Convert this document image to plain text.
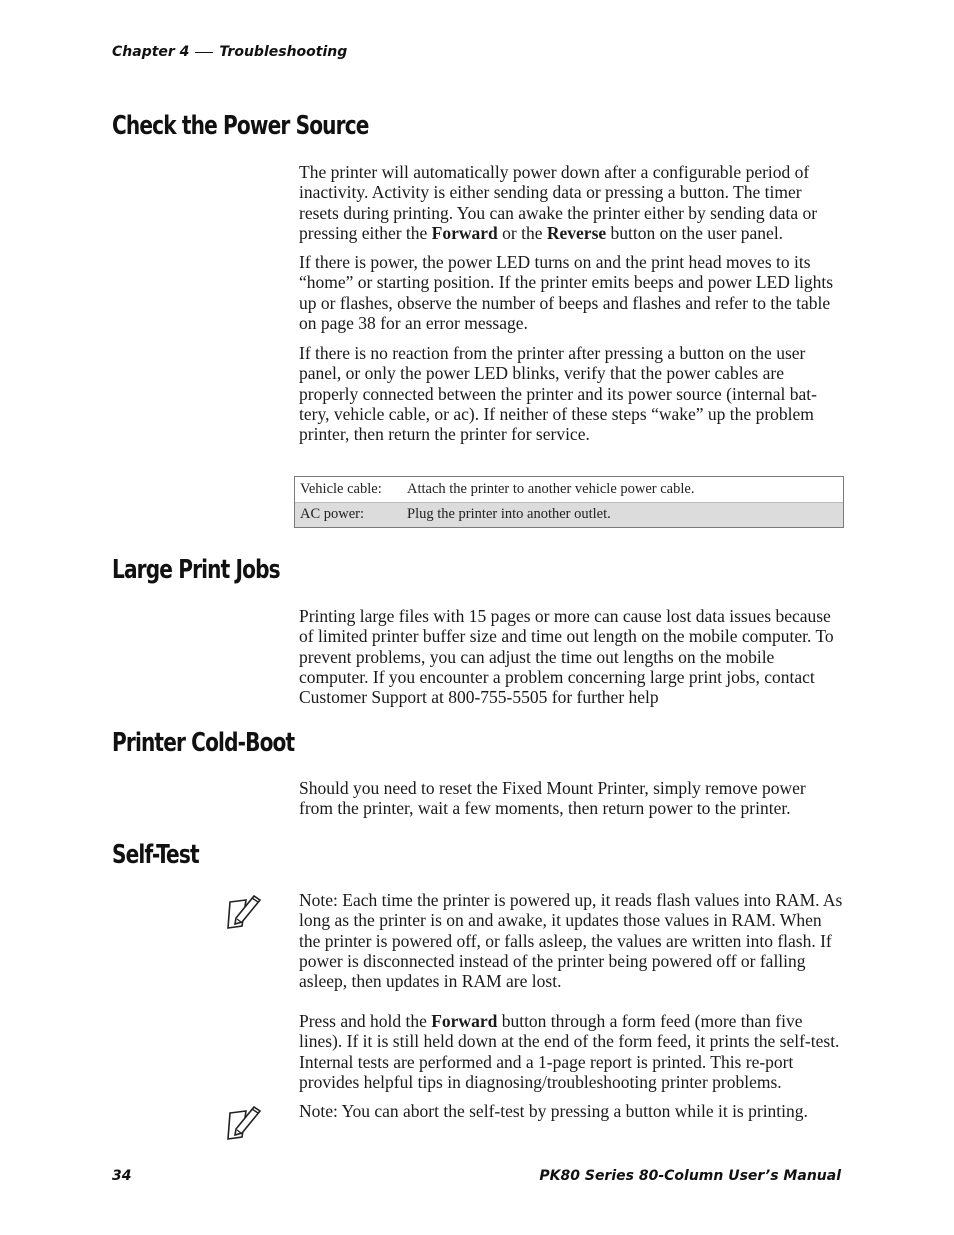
Chapter 4 Troubleshooting
Check the Power Source
The printer will automatically power down after a configurable period of inactivity. Activity is either sending data or pressing a button. The timer resets during printing. You can awake the printer either by sending data or pressing either the Forward or the Reverse button on the user panel.
If there is power, the power LED turns on and the print head moves to its “home” or starting position. If the printer emits beeps and power LED lights up or flashes, observe the number of beeps and flashes and refer to the table on page 38 for an error message.
If there is no reaction from the printer after pressing a button on the user panel, or only the power LED blinks, verify that the power cables are properly connected between the printer and its power source (internal bat-tery, vehicle cable, or ac). If neither of these steps “wake” up the problem printer, then return the printer for service.
Vehicle cable:	Attach the printer to another vehicle power cable.
AC power:	Plug the printer into another outlet.
Large Print Jobs
Printing large files with 15 pages or more can cause lost data issues because of limited printer buffer size and time out length on the mobile computer. To prevent problems, you can adjust the time out lengths on the mobile computer. If you encounter a problem concerning large print jobs, contact Customer Support at 800-755-5505 for further help
Printer Cold-Boot
Should you need to reset the Fixed Mount Printer, simply remove power from the printer, wait a few moments, then return power to the printer.
Self-Test
Note: Each time the printer is powered up, it reads flash values into RAM. As long as the printer is on and awake, it updates those values in RAM. When the printer is powered off, or falls asleep, the values are written into flash. If power is disconnected instead of the printer being powered off or falling asleep, then updates in RAM are lost.
Press and hold the Forward button through a form feed (more than five lines). If it is still held down at the end of the form feed, it prints the self-test. Internal tests are performed and a 1-page report is printed. This re-port provides helpful tips in diagnosing/troubleshooting printer problems.
Note: You can abort the self-test by pressing a button while it is printing.
34	PK80 Series 80-Column User’s Manual
